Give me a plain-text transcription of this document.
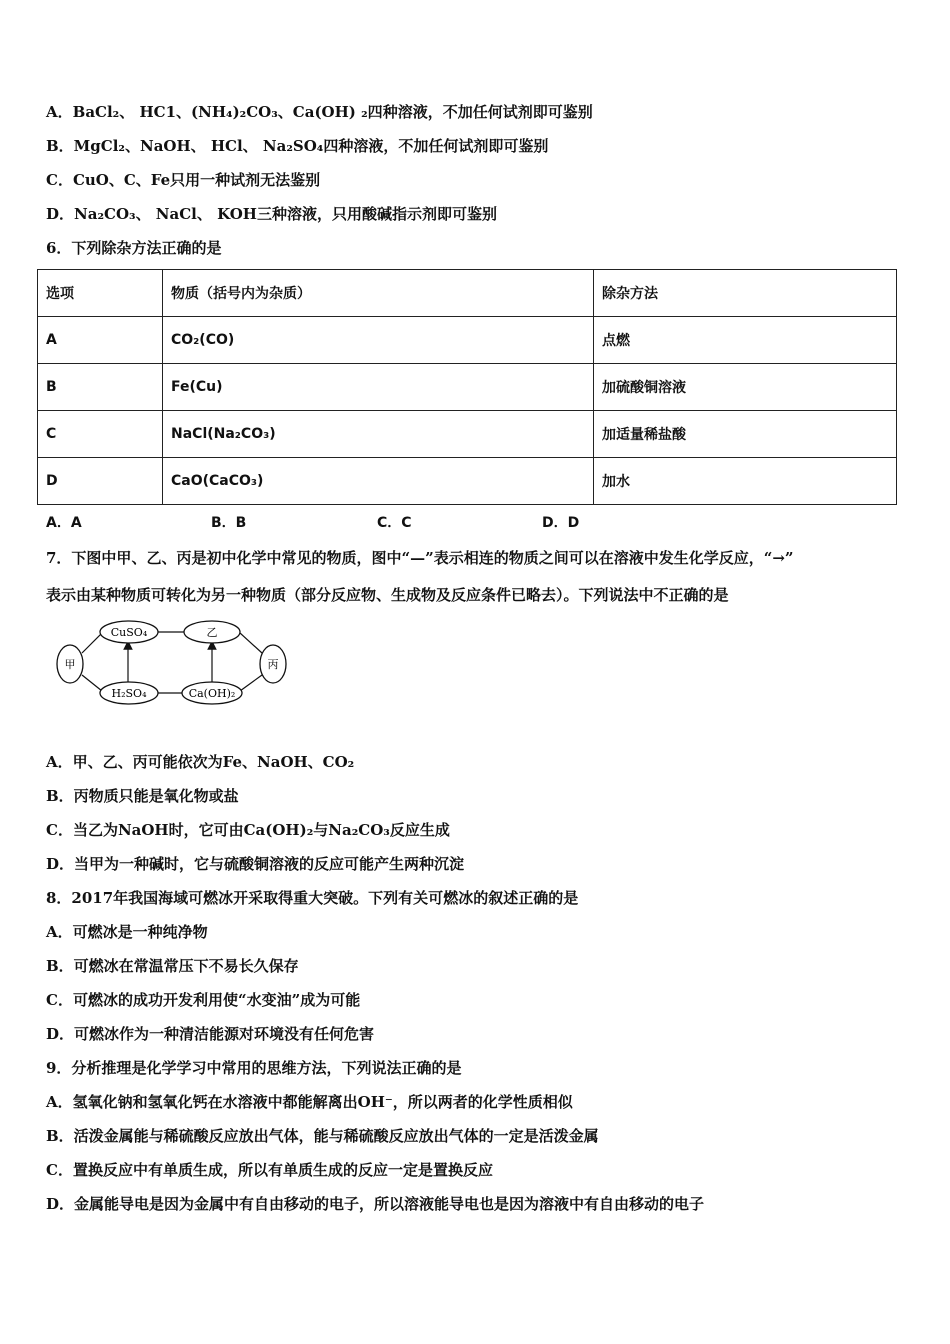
A．BaCl₂、 HC1、(NH₄)₂CO₃、Ca(OH) ₂四种溶液，不加任何试剂即可鉴别
B．MgCl₂、NaOH、 HCl、 Na₂SO₄四种溶液，不加任何试剂即可鉴别
C．CuO、C、Fe只用一种试剂无法鉴别
D．Na₂CO₃、 NaCl、 KOH三种溶液，只用酸碱指示剂即可鉴别
6．下列除杂方法正确的是
选项	物质（括号内为杂质）	除杂方法
A	CO₂(CO)	点燃
B	Fe(Cu)	加硫酸铜溶液
C	NaCl(Na₂CO₃)	加适量稀盐酸
D	CaO(CaCO₃)	加水
A．A	B．B	C．C	D．D
7．下图中甲、乙、丙是初中化学中常见的物质，图中“—”表示相连的物质之间可以在溶液中发生化学反应，“→”
表示由某种物质可转化为另一种物质（部分反应物、生成物及反应条件已略去）。下列说法中不正确的是
甲
CuSO₄	乙
H₂SO₄	Ca(OH)₂
丙
A．甲、乙、丙可能依次为Fe、NaOH、CO₂
B．丙物质只能是氧化物或盐
C．当乙为NaOH时，它可由Ca(OH)₂与Na₂CO₃反应生成
D．当甲为一种碱时，它与硫酸铜溶液的反应可能产生两种沉淀
8．2017年我国海域可燃冰开采取得重大突破。下列有关可燃冰的叙述正确的是
A．可燃冰是一种纯净物
B．可燃冰在常温常压下不易长久保存
C．可燃冰的成功开发利用使“水变油”成为可能
D．可燃冰作为一种清洁能源对环境没有任何危害
9．分析推理是化学学习中常用的思维方法，下列说法正确的是
A．氢氧化钠和氢氧化钙在水溶液中都能解离出OH⁻，所以两者的化学性质相似
B．活泼金属能与稀硫酸反应放出气体，能与稀硫酸反应放出气体的一定是活泼金属
C．置换反应中有单质生成，所以有单质生成的反应一定是置换反应
D．金属能导电是因为金属中有自由移动的电子，所以溶液能导电也是因为溶液中有自由移动的电子
